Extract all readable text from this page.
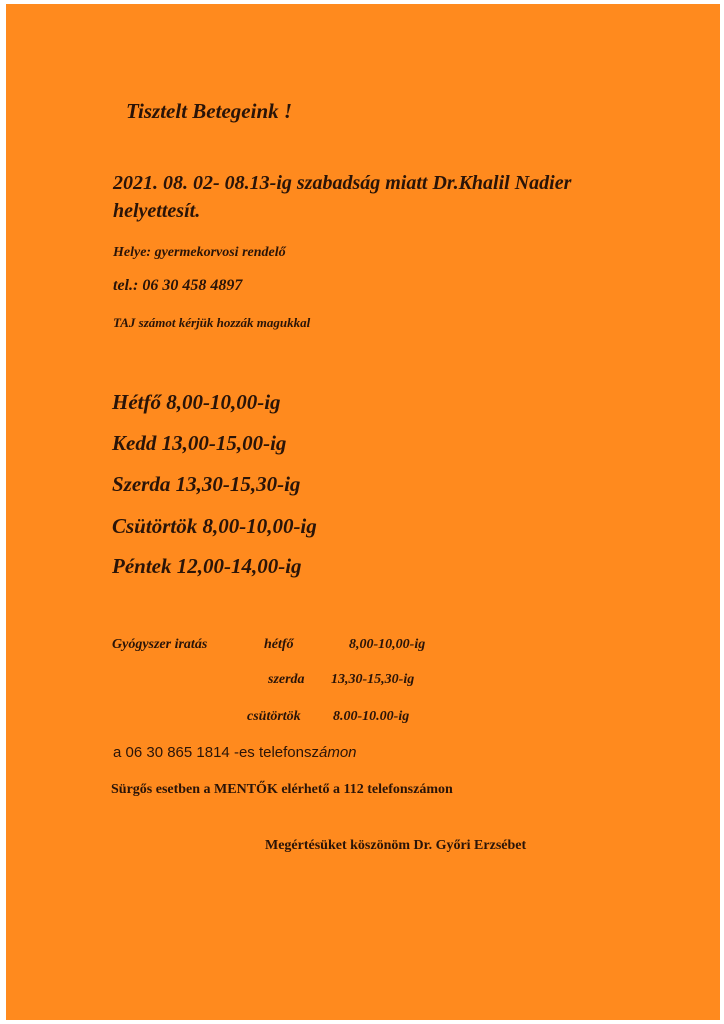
Tisztelt Betegeink !

2021. 08. 02- 08.13-ig szabadság miatt Dr.Khalil Nadier

helyettesít.

Helye: gyermekorvosi rendelő

tel.: 06 30 458 4897

TAJ számot kérjük hozzák magukkal

Hétfő 8,00-10,00-ig

Kedd 13,00-15,00-ig

Szerda 13,30-15,30-ig

Csütörtök 8,00-10,00-ig

Péntek 12,00-14,00-ig

Gyógyszer iratás	hétfő	8,00-10,00-ig

szerda 13,30-15,30-ig

csütörtök 8.00-10.00-ig

a 06 30 865 1814 -es telefonszámon

Sürgős esetben a MENTŐK elérhető a 112 telefonszámon

Megértésüket köszönöm Dr. Győri Erzsébet
